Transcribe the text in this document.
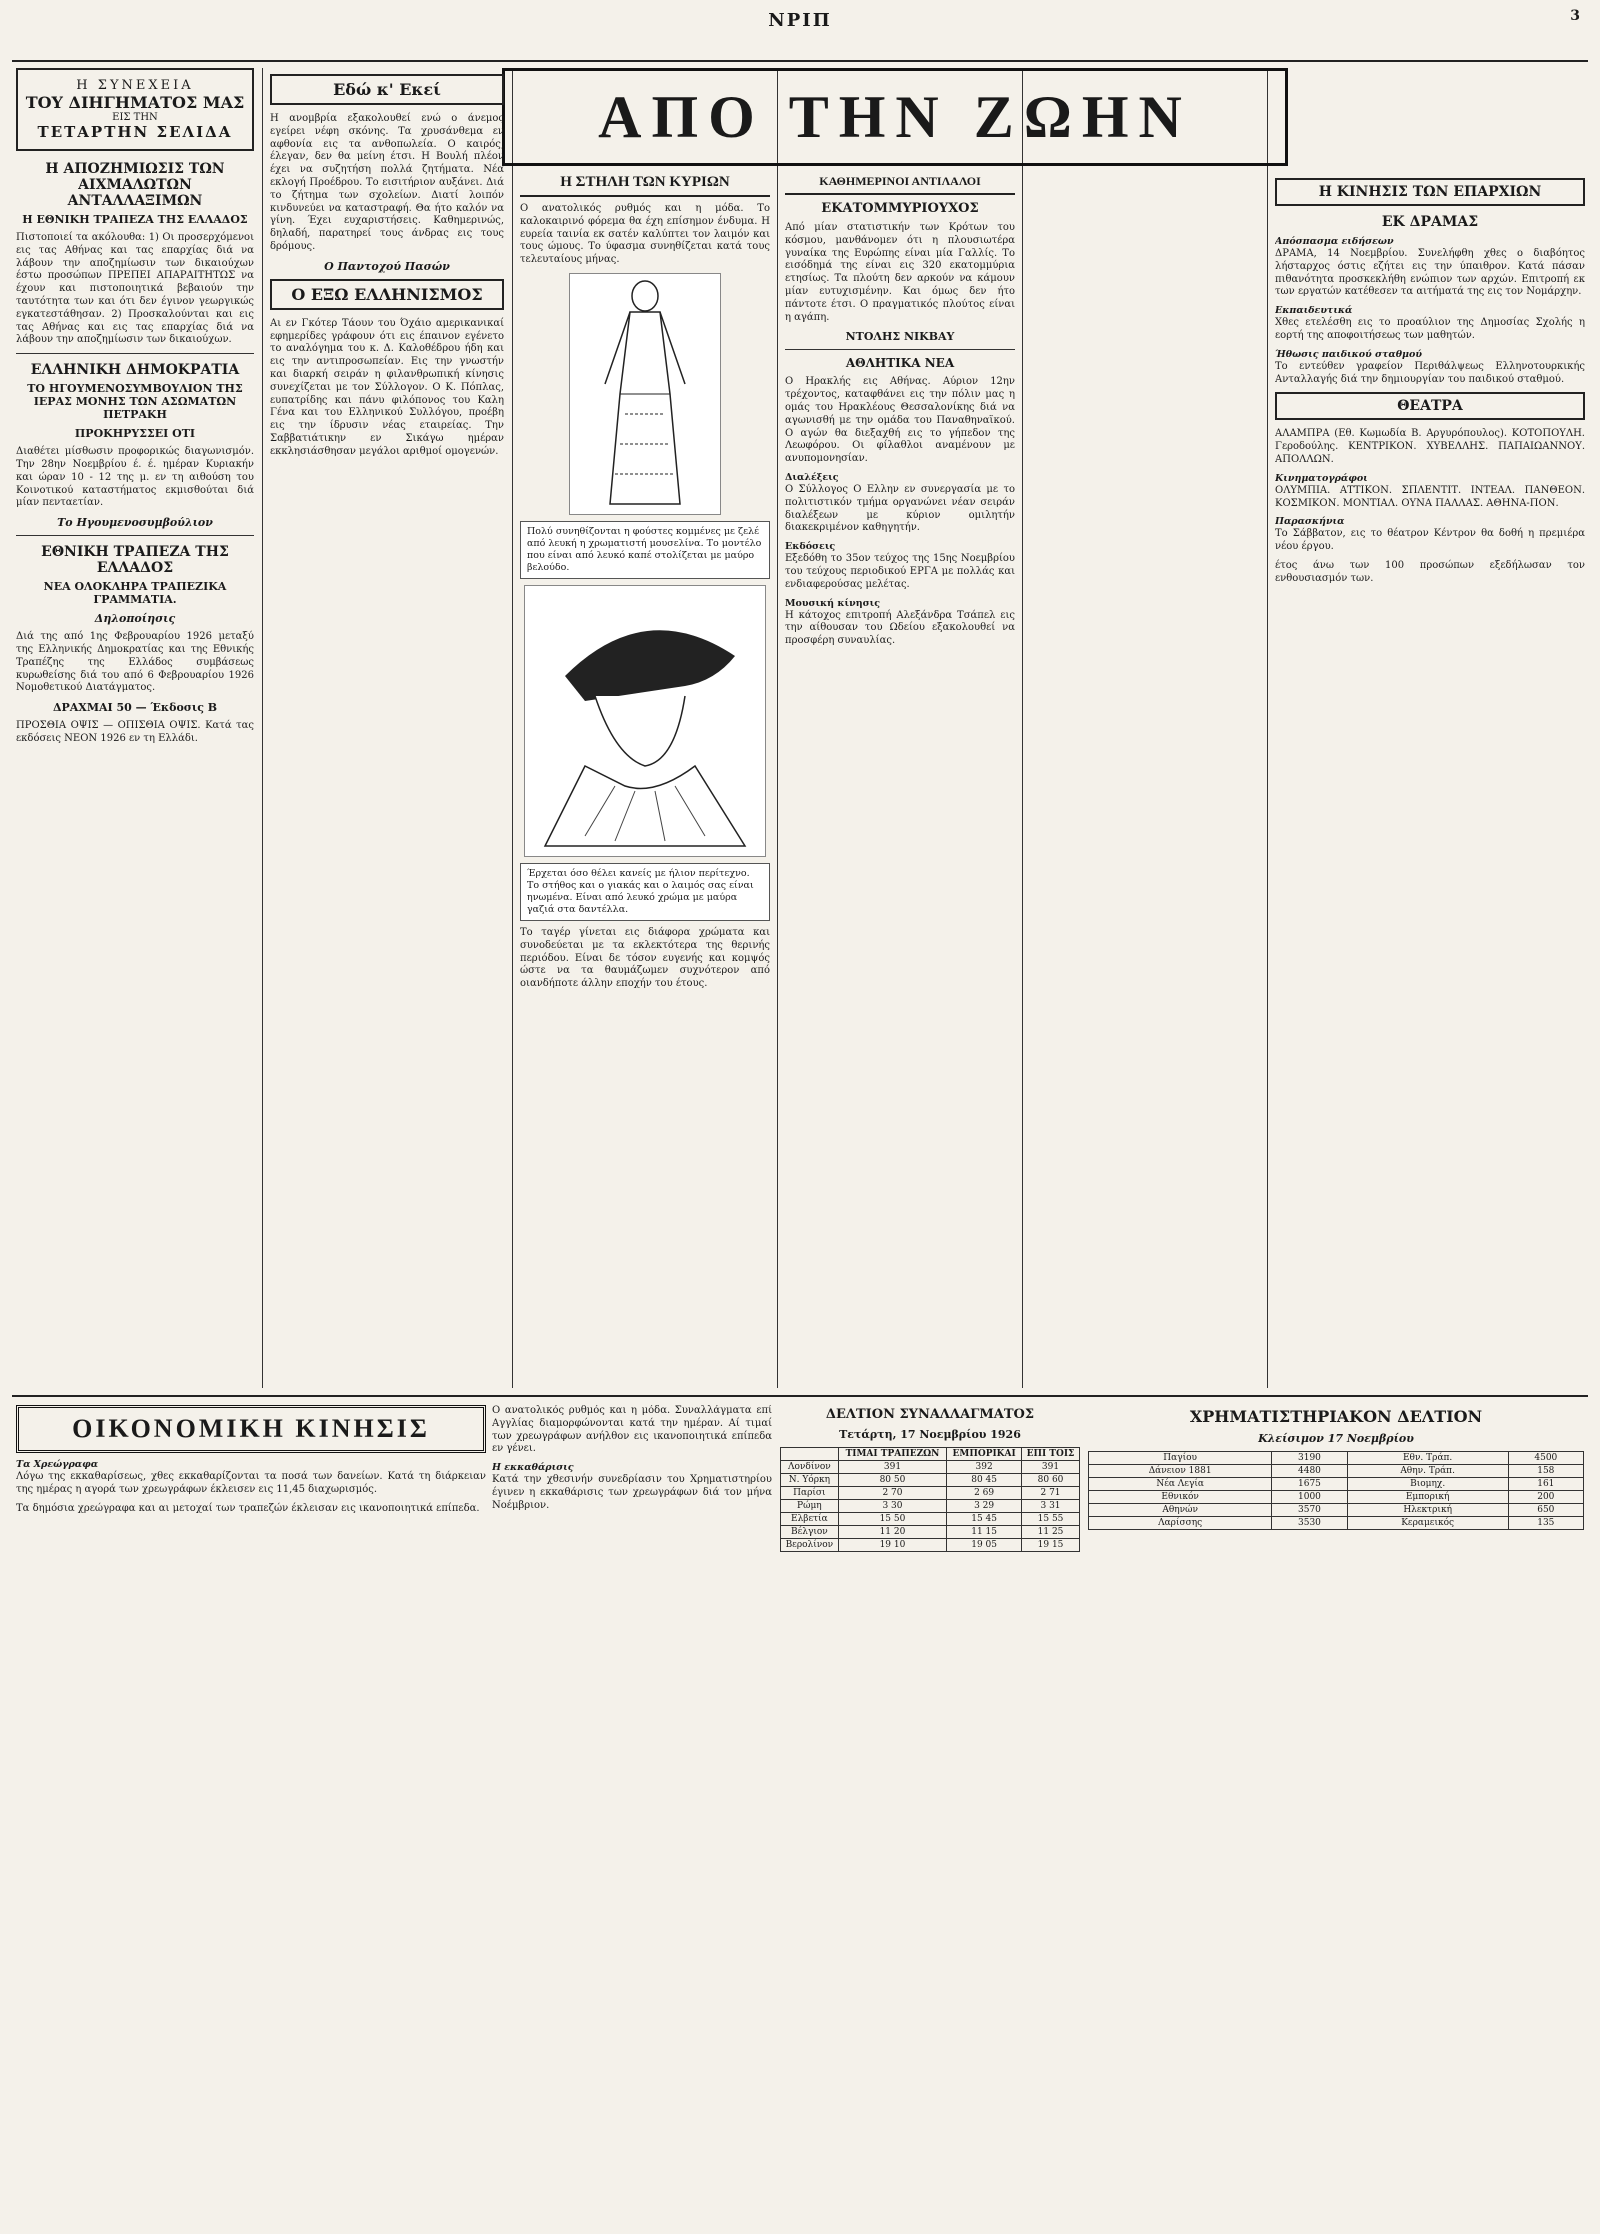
ΝΡΙΠ	3
Η ΣΥΝΕΧΕΙΑ
ΤΟΥ ΔΙΗΓΗΜΑΤΟΣ ΜΑΣ
ΕΙΣ ΤΗΝ
ΤΕΤΑΡΤΗΝ ΣΕΛΙΔΑ
Η ΑΠΟΖΗΜΙΩΣΙΣ ΤΩΝ ΑΙΧΜΑΛΩΤΩΝ ΑΝΤΑΛΛΑΞΙΜΩΝ
Η ΕΘΝΙΚΗ ΤΡΑΠΕΖΑ ΤΗΣ ΕΛΛΑΔΟΣ

Πιστοποιεί τα ακόλουθα: 1) Οι προσερχόμενοι εις τας Αθήνας και τας επαρχίας διά να λάβουν την αποζημίωσιν των δικαιούχων έστω προσώπων ΠΡΕΠΕΙ ΑΠΑΡΑΙΤΗΤΩΣ να έχουν και πιστοποιητικά βεβαιούν την ταυτότητα των και ότι δεν έγινον γεωργικώς εγκατεστάθησαν. 2) Προσκαλούνται και εις τας Αθήνας και εις τας επαρχίας διά να λάβουν την αποζημίωσιν των δικαιούχων.

ΕΛΛΗΝΙΚΗ ΔΗΜΟΚΡΑΤΙΑ
ΤΟ ΗΓΟΥΜΕΝΟΣΥΜΒΟΥΛΙΟΝ ΤΗΣ ΙΕΡΑΣ ΜΟΝΗΣ ΤΩΝ ΑΣΩΜΑΤΩΝ ΠΕΤΡΑΚΗ
ΠΡΟΚΗΡΥΣΣΕΙ ΟΤΙ

Διαθέτει μίσθωσιν προφορικώς διαγωνισμόν. Την 28ην Νοεμβρίου έ. έ. ημέραν Κυριακήν και ώραν 10 - 12 της μ. εν τη αιθούση του Κοινοτικού καταστήματος εκμισθούται διά μίαν πενταετίαν.

Το Ηγουμενοσυμβούλιον
ΕΘΝΙΚΗ ΤΡΑΠΕΖΑ ΤΗΣ ΕΛΛΑΔΟΣ
ΝΕΑ ΟΛΟΚΛΗΡΑ ΤΡΑΠΕΖΙΚΑ ΓΡΑΜΜΑΤΙΑ.
Δηλοποίησις

Διά της από 1ης Φεβρουαρίου 1926 μεταξύ της Ελληνικής Δημοκρατίας και της Εθνικής Τραπέζης της Ελλάδος συμβάσεως κυρωθείσης διά του από 6 Φεβρουαρίου 1926 Νομοθετικού Διατάγματος.

ΔΡΑΧΜΑΙ 50 — Έκδοσις Β

ΠΡΟΣΘΙΑ ΟΨΙΣ — ΟΠΙΣΘΙΑ ΟΨΙΣ. Κατά τας εκδόσεις ΝΕΟΝ 1926 εν τη Ελλάδι.

ΑΠΟ ΤΗΝ ΖΩΗΝ
Εδώ κ' Εκεί

Η ανομβρία εξακολουθεί ενώ ο άνεμος εγείρει νέφη σκόνης. Τα χρυσάνθεμα εν αφθονία εις τα ανθοπωλεία. Ο καιρός, έλεγαν, δεν θα μείνη έτσι. Η Βουλή πλέον έχει να συζητήση πολλά ζητήματα. Νέα εκλογή Προέδρου. Το εισιτήριον αυξάνει. Διά το ζήτημα των σχολείων. Διατί λοιπόν κινδυνεύει να καταστραφή. Θα ήτο καλόν να γίνη. Έχει ευχαριστήσεις. Καθημερινώς, δηλαδή, παρατηρεί τους άνδρας εις τους δρόμους.

Ο Παντοχού Πασών
Ο ΕΞΩ ΕΛΛΗΝΙΣΜΟΣ

Αι εν Γκότερ Τάουν του Όχάιο αμερικανικαί εφημερίδες γράφουν ότι εις έπαινον εγένετο το αναλόγημα του κ. Δ. Καλοθέδρου ήδη και εις την αντιπροσωπείαν. Εις την γνωστήν και διαρκή σειράν η φιλανθρωπική κίνησις συνεχίζεται με τον Σύλλογον. Ο Κ. Πόπλας, ευπατρίδης και πάνυ φιλόπονος του Καλη Γένα και του Ελληνικού Συλλόγου, προέβη εις την ίδρυσιν νέας εταιρείας. Την Σαββατιάτικην εν Σικάγω ημέραν εκκλησιάσθησαν μεγάλοι αριθμοί ομογενών.

Η ΣΤΗΛΗ ΤΩΝ ΚΥΡΙΩΝ

Ο ανατολικός ρυθμός και η μόδα. Το καλοκαιρινό φόρεμα θα έχη επίσημον ένδυμα. Η ευρεία ταινία εκ σατέν καλύπτει τον λαιμόν και τους ώμους. Το ύφασμα συνηθίζεται κατά τους τελευταίους μήνας.

Πολύ συνηθίζονται η φούστες κομμένες με ζελέ από λευκή η χρωματιστή μουσελίνα. Το μοντέλο που είναι από λευκό καπέ στολίζεται με μαύρο βελούδο.
Έρχεται όσο θέλει κανείς με ήλιον περίτεχνο. Το στήθος και ο γιακάς και ο λαιμός σας είναι ηνωμένα. Είναι από λευκό χρώμα με μαύρα γαζιά στα δαντέλλα.

Το ταγέρ γίνεται εις διάφορα χρώματα και συνοδεύεται με τα εκλεκτότερα της θερινής περιόδου. Είναι δε τόσον ευγενής και κομψός ώστε να τα θαυμάζωμεν συχνότερον από οιανδήποτε άλλην εποχήν του έτους.

ΚΑΘΗΜΕΡΙΝΟΙ ΑΝΤΙΛΑΛΟΙ
ΕΚΑΤΟΜΜΥΡΙΟΥΧΟΣ

Από μίαν στατιστικήν των Κρότων του κόσμου, μανθάνομεν ότι η πλουσιωτέρα γυναίκα της Ευρώπης είναι μία Γαλλίς. Το εισόδημά της είναι εις 320 εκατομμύρια ετησίως. Τα πλούτη δεν αρκούν να κάμουν μίαν ευτυχισμένην. Και όμως δεν ήτο πάντοτε έτσι. Ο πραγματικός πλούτος είναι η αγάπη.

ΝΤΟΛΗΣ ΝΙΚΒΑΥ
ΑΘΛΗΤΙΚΑ ΝΕΑ

Ο Ηρακλής εις Αθήνας. Αύριον 12ην τρέχοντος, καταφθάνει εις την πόλιν μας η ομάς του Ηρακλέους Θεσσαλονίκης διά να αγωνισθή με την ομάδα του Παναθηναϊκού. Ο αγών θα διεξαχθή εις το γήπεδον της Λεωφόρου. Οι φίλαθλοι αναμένουν με ανυπομονησίαν.

Διαλέξεις

Ο Σύλλογος Ο Ελλην εν συνεργασία με το πολιτιστικόν τμήμα οργανώνει νέαν σειράν διαλέξεων με κύριον ομιλητήν διακεκριμένον καθηγητήν.

Εκδόσεις

Εξεδόθη το 35ον τεύχος της 15ης Νοεμβρίου του τεύχους περιοδικού ΕΡΓΑ με πολλάς και ενδιαφερούσας μελέτας.

Μουσική κίνησις

Η κάτοχος επιτροπή Αλεξάνδρα Τσάπελ εις την αίθουσαν του Ωδείου εξακολουθεί να προσφέρη συναυλίας.

Η ΚΙΝΗΣΙΣ ΤΩΝ ΕΠΑΡΧΙΩΝ
ΕΚ ΔΡΑΜΑΣ
Απόσπασμα ειδήσεων

ΔΡΑΜΑ, 14 Νοεμβρίου. Συνελήφθη χθες ο διαβόητος λήσταρχος όστις εζήτει εις την ύπαιθρον. Κατά πάσαν πιθανότητα προσκεκλήθη ενώπιον των αρχών. Επιτροπή εκ των εργατών κατέθεσεν τα αιτήματά της εις τον Νομάρχην.

Εκπαιδευτικά

Χθες ετελέσθη εις το προαύλιον της Δημοσίας Σχολής η εορτή της αποφοιτήσεως των μαθητών.

Ήθωσις παιδικού σταθμού

Το εντεύθεν γραφείον Περιθάλψεως Ελληνοτουρκικής Ανταλλαγής διά την δημιουργίαν του παιδικού σταθμού.

ΘΕΑΤΡΑ

ΑΛΑΜΠΡΑ (Εθ. Κωμωδία Β. Αργυρόπουλος). ΚΟΤΟΠΟΥΛΗ. Γεροδούλης. ΚΕΝΤΡΙΚΟΝ. ΧΥΒΕΛΛΗΣ. ΠΑΠΑΙΩΑΝΝΟΥ. ΑΠΟΛΛΩΝ.

Κινηματογράφοι

ΟΛΥΜΠΙΑ. ΑΤΤΙΚΟΝ. ΣΠΛΕΝΤΙΤ. ΙΝΤΕΑΛ. ΠΑΝΘΕΟΝ. ΚΟΣΜΙΚΟΝ. ΜΟΝΤΙΑΛ. ΟΥΝΑ ΠΑΛΛΑΣ. ΑΘΗΝΑ-ΠΟΝ.

Παρασκήνια

Το Σάββατον, εις το θέατρον Κέντρον θα δοθή η πρεμιέρα νέου έργου.

έτος άνω των 100 προσώπων εξεδήλωσαν τον ενθουσιασμόν των.

ΟΙΚΟΝΟΜΙΚΗ ΚΙΝΗΣΙΣ
Τα Χρεώγραφα

Λόγω της εκκαθαρίσεως, χθες εκκαθαρίζονται τα ποσά των δανείων. Κατά τη διάρκειαν της ημέρας η αγορά των χρεωγράφων έκλεισεν εις 11,45 διαχωρισμός.

Τα δημόσια χρεώγραφα και αι μετοχαί των τραπεζών έκλεισαν εις ικανοποιητικά επίπεδα.

Ο ανατολικός ρυθμός και η μόδα. Συναλλάγματα επί Αγγλίας διαμορφώνονται κατά την ημέραν. Αί τιμαί των χρεωγράφων ανήλθον εις ικανοποιητικά επίπεδα εν γένει.

Η εκκαθάρισις

Κατά την χθεσινήν συνεδρίασιν του Χρηματιστηρίου έγινεν η εκκαθάρισις των χρεωγράφων διά τον μήνα Νοέμβριον.

ΔΕΛΤΙΟΝ ΣΥΝΑΛΛΑΓΜΑΤΟΣ
Τετάρτη, 17 Νοεμβρίου 1926
	ΤΙΜΑΙ ΤΡΑΠΕΖΩΝ	ΕΜΠΟΡΙΚΑΙ	ΕΠΙ ΤΟΙΣ
Λονδίνον	391	392	391
Ν. Υόρκη	80 50	80 45	80 60
Παρίσι	2 70	2 69	2 71
Ρώμη	3 30	3 29	3 31
Ελβετία	15 50	15 45	15 55
Βέλγιον	11 20	11 15	11 25
Βερολίνον	19 10	19 05	19 15
ΧΡΗΜΑΤΙΣΤΗΡΙΑΚΟΝ ΔΕΛΤΙΟΝ
Κλείσιμον 17 Νοεμβρίου
Παγίου	3190	Εθν. Τράπ.	4500
Δάνειον 1881	4480	Αθην. Τράπ.	158
Νέα Λεγία	1675	Βιομηχ.	161
Εθνικόν	1000	Εμπορική	200
Αθηνών	3570	Ηλεκτρική	650
Λαρίσσης	3530	Κεραμεικός	135
